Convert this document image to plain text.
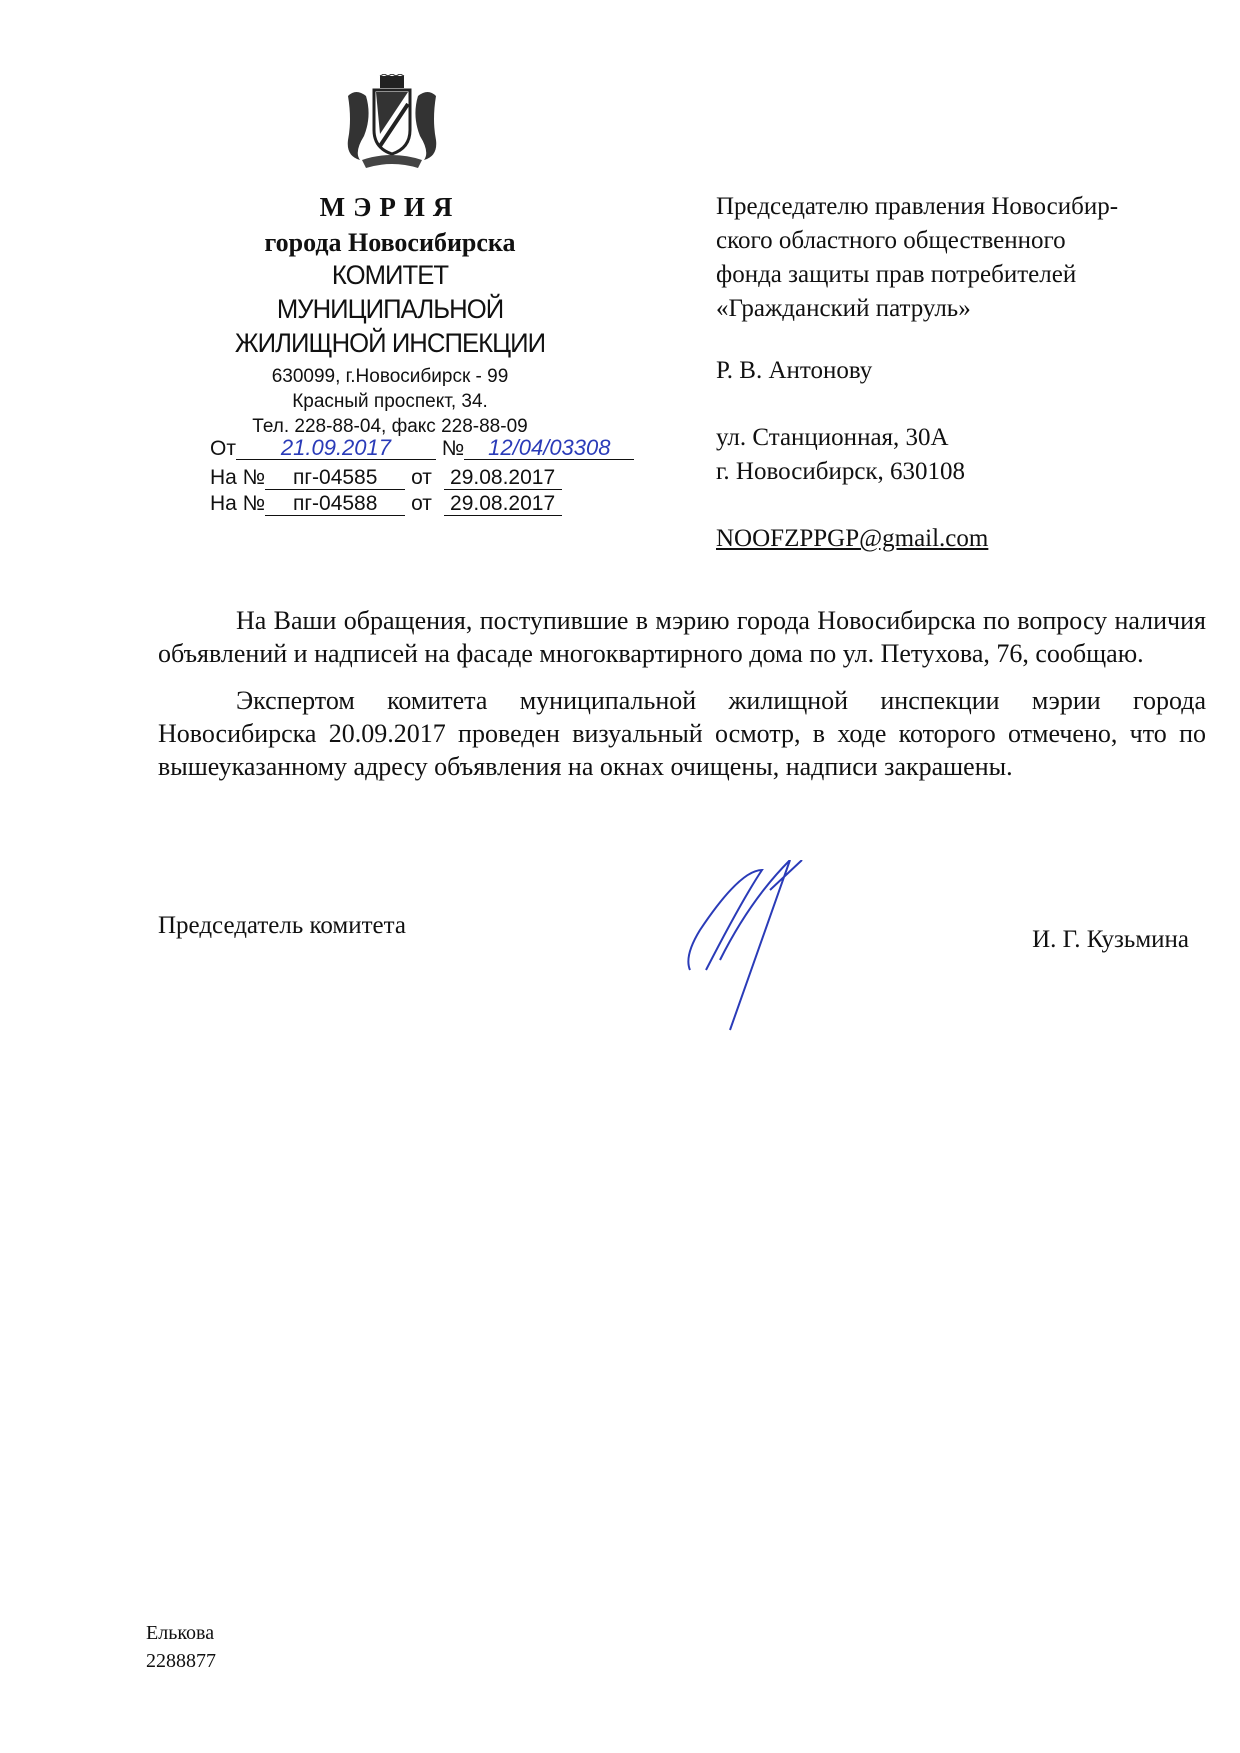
МЭРИЯ
города Новосибирска
КОМИТЕТ
МУНИЦИПАЛЬНОЙ
ЖИЛИЩНОЙ ИНСПЕКЦИИ
630099, г.Новосибирск - 99
Красный проспект, 34.
Тел. 228-88-04, факс 228-88-09
От 21.09.2017 № 12/04/03308
На № пг-04585 от 29.08.2017
На № пг-04588 от 29.08.2017
Председателю правления Новосибир-
ского областного общественного
фонда защиты прав потребителей
«Гражданский патруль»
Р. В. Антонову
ул. Станционная, 30А
г. Новосибирск, 630108
NOOFZPPGP@gmail.com

На Ваши обращения, поступившие в мэрию города Новосибирска по вопросу наличия объявлений и надписей на фасаде многоквартирного дома по ул. Петухова, 76, сообщаю.

Экспертом комитета муниципальной жилищной инспекции мэрии города Новосибирска 20.09.2017 проведен визуальный осмотр, в ходе которого отмечено, что по вышеуказанному адресу объявления на окнах очищены, надписи закрашены.

Председатель комитета
И. Г. Кузьмина
Елькова
2288877
